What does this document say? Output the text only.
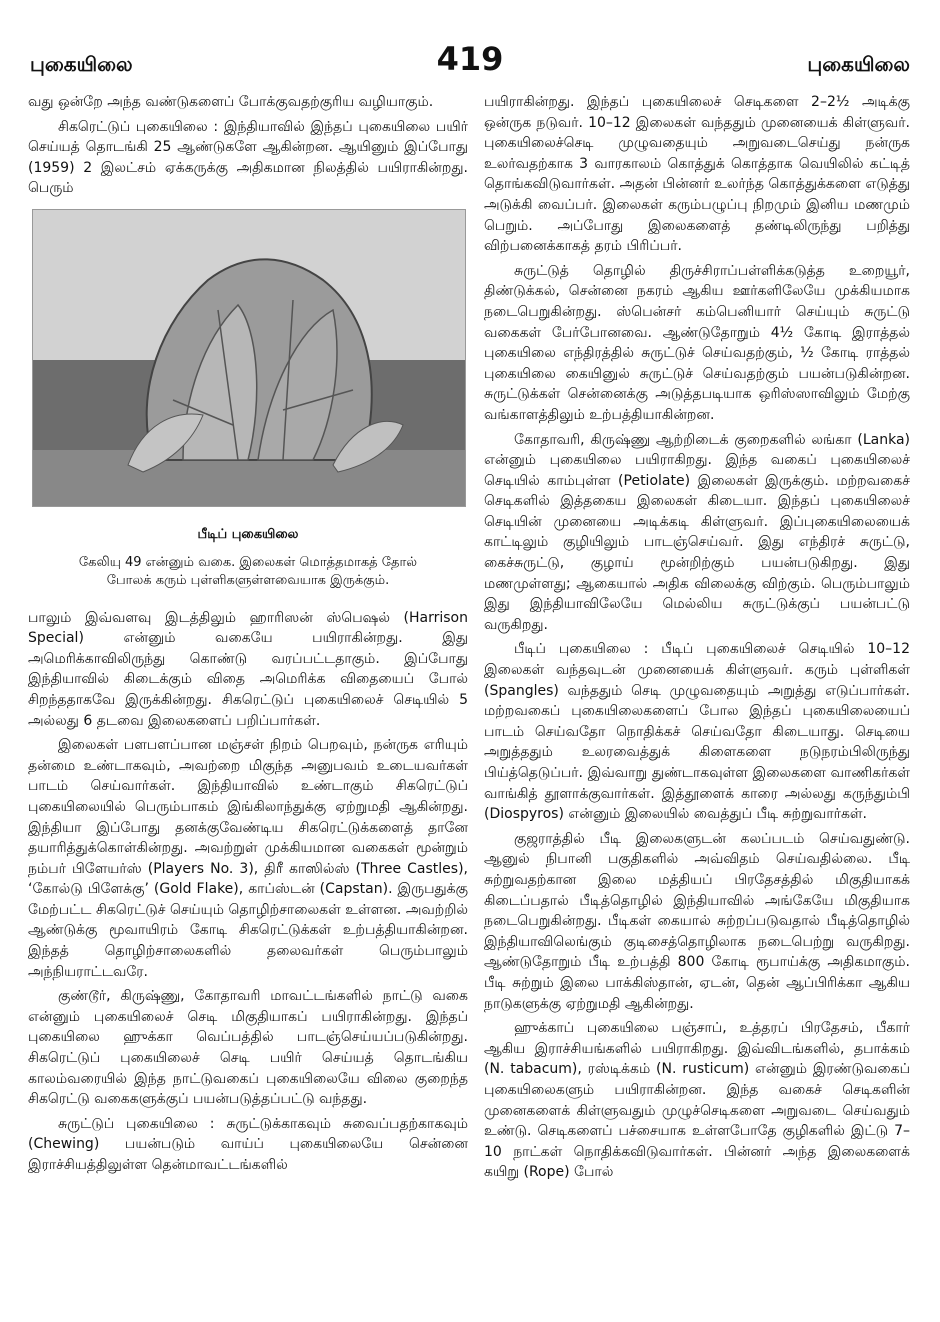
புகையிலை	419	புகையிலை

வது ஒன்றே அந்த வண்டுகளைப் போக்குவதற்குரிய வழியாகும்.

சிகரெட்டுப் புகையிலை : இந்தியாவில் இந்தப் புகையிலை பயிர் செய்யத் தொடங்கி 25 ஆண்டுகளே ஆகின்றன. ஆயினும் இப்போது (1959) 2 இலட்சம் ஏக்கருக்கு அதிகமான நிலத்தில் பயிராகின்றது. பெரும்

பீடிப் புகையிலை
கேலியு 49 என்னும் வகை. இலைகள் மொத்தமாகத் தோல்
போலக் கரும் புள்ளிகளுள்ளவையாக இருக்கும்.

பாலும் இவ்வளவு இடத்திலும் ஹாரிஸன் ஸ்பெஷல் (Harrison Special) என்னும் வகையே பயிராகின்றது. இது அமெரிக்காவிலிருந்து கொண்டு வரப்பட்டதாகும். இப்போது இந்தியாவில் கிடைக்கும் விதை அமெரிக்க விதையைப் போல் சிறந்ததாகவே இருக்கின்றது. சிகரெட்டுப் புகையிலைச் செடியில் 5 அல்லது 6 தடவை இலைகளைப் பறிப்பார்கள்.

இலைகள் பளபளப்பான மஞ்சள் நிறம் பெறவும், நன்ருக எரியும் தன்மை உண்டாகவும், அவற்றை மிகுந்த அனுபவம் உடையவர்கள் பாடம் செய்வார்கள். இந்தியாவில் உண்டாகும் சிகரெட்டுப் புகையிலையில் பெரும்பாகம் இங்கிலாந்துக்கு ஏற்றுமதி ஆகின்றது. இந்தியா இப்போது தனக்குவேண்டிய சிகரெட்டுக்களைத் தானே தயாரித்துக்கொள்கின்றது. அவற்றுள் முக்கியமான வகைகள் மூன்றும் நம்பர் பிளேயர்ஸ் (Players No. 3), திரீ காஸில்ஸ் (Three Castles), ‘கோல்டு பிளேக்கு’ (Gold Flake), காப்ஸ்டன் (Capstan). இருபதுக்கு மேற்பட்ட சிகரெட்டுச் செய்யும் தொழிற்சாலைகள் உள்ளன. அவற்றில் ஆண்டுக்கு மூவாயிரம் கோடி சிகரெட்டுக்கள் உற்பத்தியாகின்றன. இந்தத் தொழிற்சாலைகளில் தலைவர்கள் பெரும்பாலும் அந்நியராட்டவரே.

குண்டூர், கிருஷ்ணு, கோதாவரி மாவட்டங்களில் நாட்டு வகை என்னும் புகையிலைச் செடி மிகுதியாகப் பயிராகின்றது. இந்தப் புகையிலை ஹுக்கா வெப்பத்தில் பாடஞ்செய்யப்படுகின்றது. சிகரெட்டுப் புகையிலைச் செடி பயிர் செய்யத் தொடங்கிய காலம்வரையில் இந்த நாட்டுவகைப் புகையிலையே விலை குறைந்த சிகரெட்டு வகைகளுக்குப் பயன்படுத்தப்பட்டு வந்தது.

சுருட்டுப் புகையிலை : சுருட்டுக்காகவும் சுவைப்பதற்காகவும் (Chewing) பயன்படும் வாய்ப் புகையிலையே சென்னை இராச்சியத்திலுள்ள தென்மாவட்டங்களில்

பயிராகின்றது. இந்தப் புகையிலைச் செடிகளை 2–2½ அடிக்கு ஒன்ருக நடுவர். 10–12 இலைகள் வந்ததும் முனையைக் கிள்ளுவர். புகையிலைச்செடி முழுவதையும் அறுவடைசெய்து நன்ருக உலர்வதற்காக 3 வாரகாலம் கொத்துக் கொத்தாக வெயிலில் கட்டித் தொங்கவிடுவார்கள். அதன் பின்னர் உலர்ந்த கொத்துக்களை எடுத்து அடுக்கி வைப்பர். இலைகள் கரும்பழுப்பு நிறமும் இனிய மணமும் பெறும். அப்போது இலைகளைத் தண்டிலிருந்து பறித்து விற்பனைக்காகத் தரம் பிரிப்பர்.

சுருட்டுத் தொழில் திருச்சிராப்பள்ளிக்கடுத்த உறையூர், திண்டுக்கல், சென்னை நகரம் ஆகிய ஊர்களிலேயே முக்கியமாக நடைபெறுகின்றது. ஸ்பென்சர் கம்பெனியார் செய்யும் சுருட்டு வகைகள் பேர்போனவை. ஆண்டுதோறும் 4½ கோடி இராத்தல் புகையிலை எந்திரத்தில் சுருட்டுச் செய்வதற்கும், ½ கோடி ராத்தல் புகையிலை கையினுல் சுருட்டுச் செய்வதற்கும் பயன்படுகின்றன. சுருட்டுக்கள் சென்னைக்கு அடுத்தபடியாக ஒரிஸ்ஸாவிலும் மேற்கு வங்காளத்திலும் உற்பத்தியாகின்றன.

கோதாவரி, கிருஷ்ணு ஆற்றிடைக் குறைகளில் லங்கா (Lanka) என்னும் புகையிலை பயிராகிறது. இந்த வகைப் புகையிலைச் செடியில் காம்புள்ள (Petiolate) இலைகள் இருக்கும். மற்றவகைச் செடிகளில் இத்தகைய இலைகள் கிடையா. இந்தப் புகையிலைச் செடியின் முனையை அடிக்கடி கிள்ளுவர். இப்புகையிலையைக் காட்டிலும் குழியிலும் பாடஞ்செய்வர். இது எந்திரச் சுருட்டு, கைச்சுருட்டு, குழாய் மூன்றிற்கும் பயன்படுகிறது. இது மணமுள்ளது; ஆகையால் அதிக விலைக்கு விற்கும். பெரும்பாலும் இது இந்தியாவிலேயே மெல்லிய சுருட்டுக்குப் பயன்பட்டு வருகிறது.

பீடிப் புகையிலை : பீடிப் புகையிலைச் செடியில் 10–12 இலைகள் வந்தவுடன் முனையைக் கிள்ளுவர். கரும் புள்ளிகள் (Spangles) வந்ததும் செடி முழுவதையும் அறுத்து எடுப்பார்கள். மற்றவகைப் புகையிலைகளைப் போல இந்தப் புகையிலையைப் பாடம் செய்வதோ நொதிக்கச் செய்வதோ கிடையாது. செடியை அறுத்ததும் உலரவைத்துக் கிளைகளை நடுநரம்பிலிருந்து பிய்த்தெடுப்பர். இவ்வாறு துண்டாகவுள்ள இலைகளை வாணிகர்கள் வாங்கித் தூளாக்குவார்கள். இத்தூளைக் காரை அல்லது கருந்தும்பி (Diospyros) என்னும் இலையில் வைத்துப் பீடி சுற்றுவார்கள்.

குஜராத்தில் பீடி இலைகளுடன் கலப்படம் செய்வதுண்டு. ஆனுல் நிபானி பகுதிகளில் அவ்விதம் செய்வதில்லை. பீடி சுற்றுவதற்கான இலை மத்தியப் பிரதேசத்தில் மிகுதியாகக் கிடைப்பதால் பீடித்தொழில் இந்தியாவில் அங்கேயே மிகுதியாக நடைபெறுகின்றது. பீடிகள் கையால் சுற்றப்படுவதால் பீடித்தொழில் இந்தியாவிலெங்கும் குடிசைத்தொழிலாக நடைபெற்று வருகிறது. ஆண்டுதோறும் பீடி உற்பத்தி 800 கோடி ரூபாய்க்கு அதிகமாகும். பீடி சுற்றும் இலை பாக்கிஸ்தான், ஏடன், தென் ஆப்பிரிக்கா ஆகிய நாடுகளுக்கு ஏற்றுமதி ஆகின்றது.

ஹுக்காப் புகையிலை பஞ்சாப், உத்தரப் பிரதேசம், பீகார் ஆகிய இராச்சியங்களில் பயிராகிறது. இவ்விடங்களில், தபாக்கம் (N. tabacum), ரஸ்டிக்கம் (N. rusticum) என்னும் இரண்டுவகைப் புகையிலைகளும் பயிராகின்றன. இந்த வகைச் செடிகளின் முனைகளைக் கிள்ளுவதும் முழுச்செடிகளை அறுவடை செய்வதும் உண்டு. செடிகளைப் பச்சையாக உள்ளபோதே குழிகளில் இட்டு 7–10 நாட்கள் நொதிக்கவிடுவார்கள். பின்னர் அந்த இலைகளைக் கயிறு (Rope) போல்
